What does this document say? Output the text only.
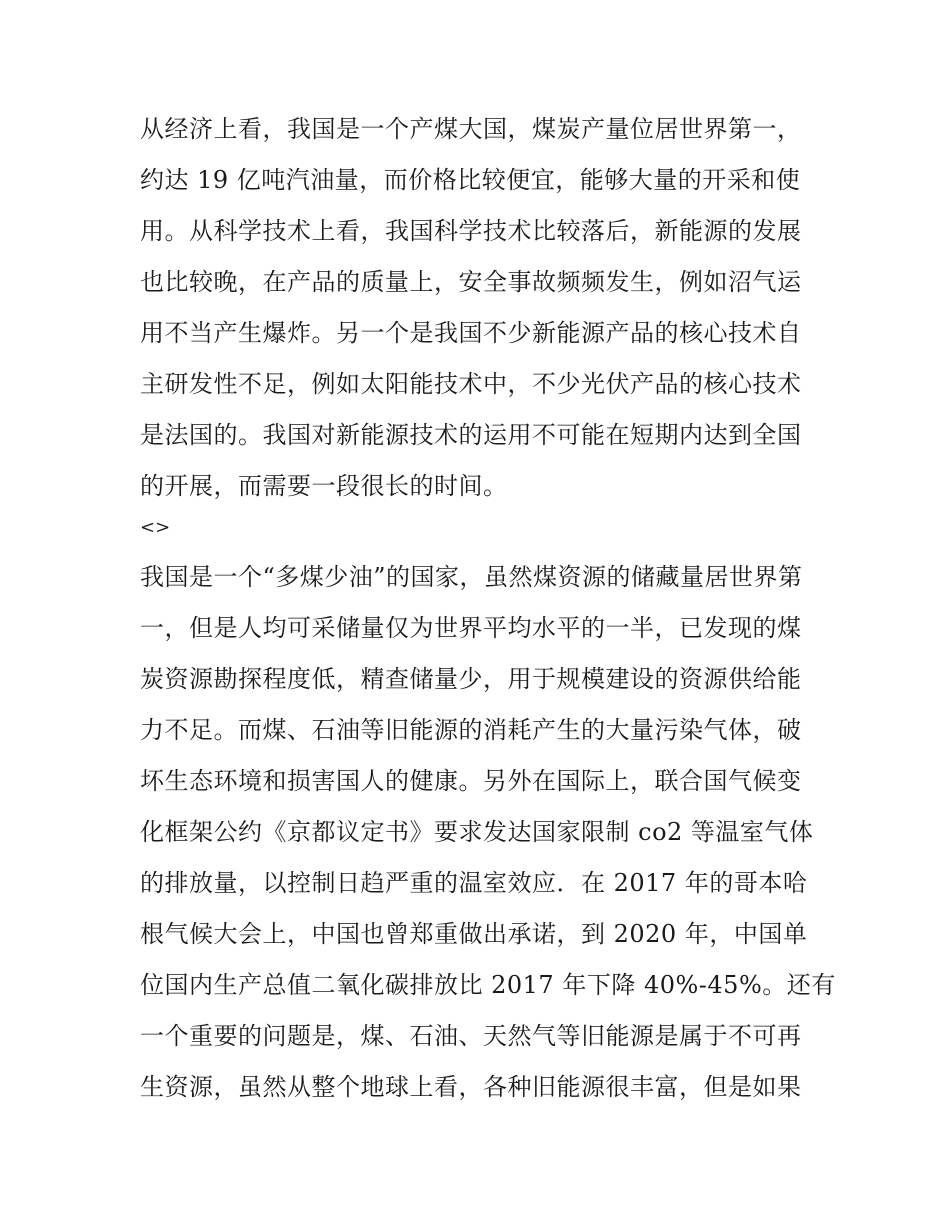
从经济上看，我国是一个产煤大国，煤炭产量位居世界第一，
约达 19 亿吨汽油量，而价格比较便宜，能够大量的开采和使
用。从科学技术上看，我国科学技术比较落后，新能源的发展
也比较晚，在产品的质量上，安全事故频频发生，例如沼气运
用不当产生爆炸。另一个是我国不少新能源产品的核心技术自
主研发性不足，例如太阳能技术中，不少光伏产品的核心技术
是法国的。我国对新能源技术的运用不可能在短期内达到全国
的开展，而需要一段很长的时间。
<>
我国是一个“多煤少油”的国家，虽然煤资源的储藏量居世界第
一，但是人均可采储量仅为世界平均水平的一半，已发现的煤
炭资源勘探程度低，精查储量少，用于规模建设的资源供给能
力不足。而煤、石油等旧能源的消耗产生的大量污染气体，破
坏生态环境和损害国人的健康。另外在国际上，联合国气候变
化框架公约《京都议定书》要求发达国家限制 co2 等温室气体
的排放量，以控制日趋严重的温室效应．在 2017 年的哥本哈
根气候大会上，中国也曾郑重做出承诺，到 2020 年，中国单
位国内生产总值二氧化碳排放比 2017 年下降 40%-45%。还有
一个重要的问题是，煤、石油、天然气等旧能源是属于不可再
生资源，虽然从整个地球上看，各种旧能源很丰富，但是如果
